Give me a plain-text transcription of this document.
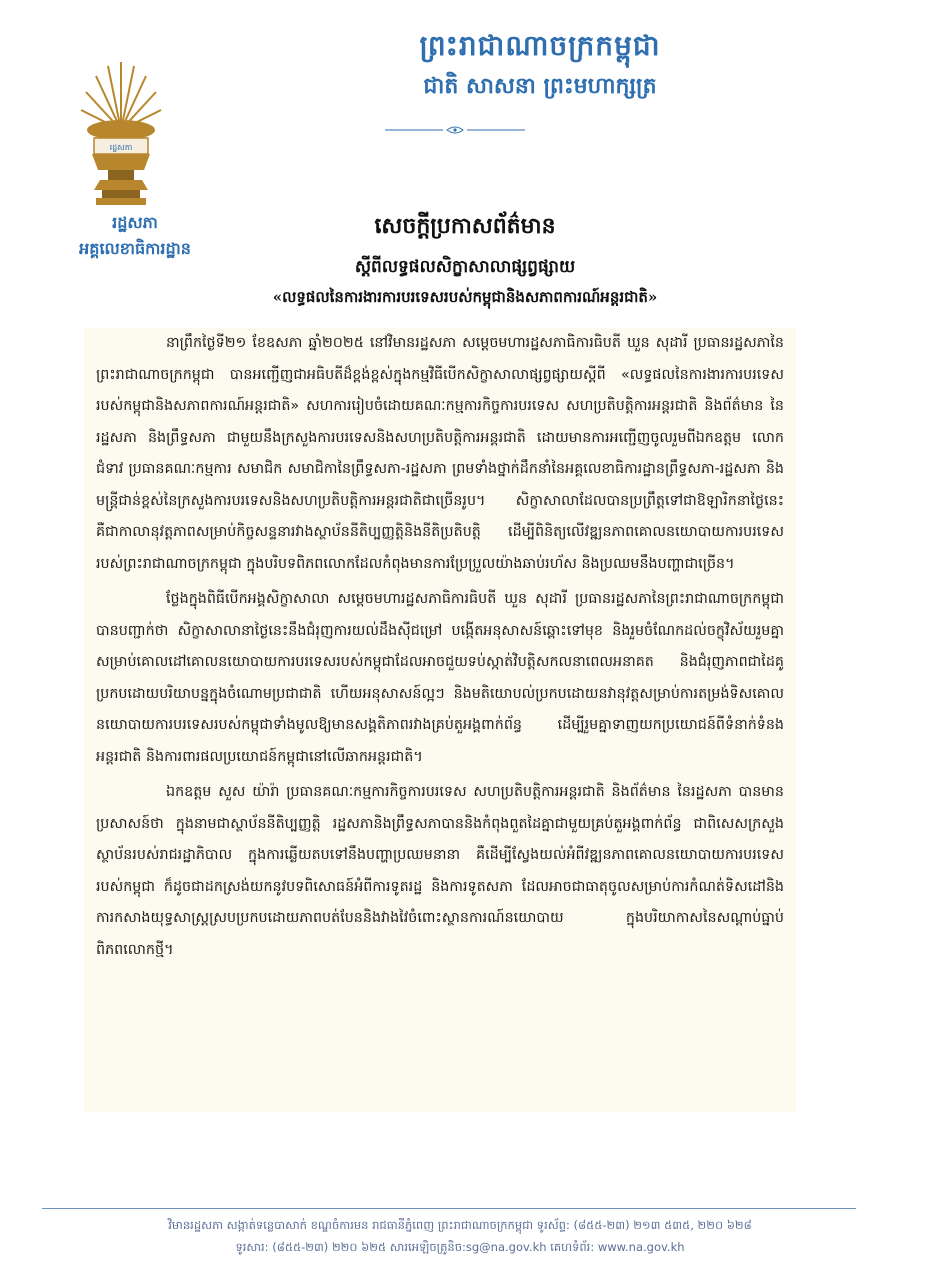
ព្រះរាជាណាចក្រកម្ពុជា
ជាតិ សាសនា ព្រះមហាក្សត្រ
រដ្ឋសភា
រដ្ឋសភា
អគ្គលេខាធិការដ្ឋាន
សេចក្ដីប្រកាសព័ត៌មាន
ស្ដីពីលទ្ធផលសិក្ខាសាលាផ្សព្វផ្សាយ
«លទ្ធផលនៃការងារការបរទេសរបស់កម្ពុជានិងសភាពការណ៍អន្តរជាតិ»

នាព្រឹកថ្ងៃទី២១ ខែឧសភា ឆ្នាំ២០២៥ នៅវិមានរដ្ឋសភា សម្ដេចមហារដ្ឋសភាធិការធិបតី ឃួន សុដារី ប្រធានរដ្ឋសភានៃព្រះរាជាណាចក្រកម្ពុជា បានអញ្ជើញជាអធិបតីដ៏ខ្ពង់ខ្ពស់ក្នុងកម្មវិធីបើកសិក្ខាសាលាផ្សព្វផ្សាយស្ដីពី «លទ្ធផលនៃការងារការបរទេសរបស់កម្ពុជានិងសភាពការណ៍អន្តរជាតិ» សហការរៀបចំដោយគណៈកម្មការកិច្ចការបរទេស សហប្រតិបត្តិការអន្តរជាតិ និងព័ត៌មាន នៃរដ្ឋសភា និងព្រឹទ្ធសភា ជាមួយនឹងក្រសួងការបរទេសនិងសហប្រតិបត្តិការអន្តរជាតិ ដោយមានការអញ្ជើញចូលរួមពីឯកឧត្ដម លោកជំទាវ ប្រធានគណៈកម្មការ សមាជិក សមាជិកានៃព្រឹទ្ធសភា-រដ្ឋសភា ព្រមទាំងថ្នាក់ដឹកនាំនៃអគ្គលេខាធិការដ្ឋានព្រឹទ្ធសភា-រដ្ឋសភា និងមន្ត្រីជាន់ខ្ពស់នៃក្រសួងការបរទេសនិងសហប្រតិបត្តិការអន្តរជាតិជាច្រើនរូប។ សិក្ខាសាលាដែលបានប្រព្រឹត្តទៅជាឱឡារិកនាថ្ងៃនេះ គឺជាកាលានុវត្តភាពសម្រាប់កិច្ចសន្ទនារវាងស្ថាប័ននីតិប្បញ្ញត្តិនិងនីតិប្រតិបត្តិ ដើម្បីពិនិត្យលើវឌ្ឍនភាពគោលនយោបាយការបរទេសរបស់ព្រះរាជាណាចក្រកម្ពុជា ក្នុងបរិបទពិភពលោកដែលកំពុងមានការប្រែប្រួលយ៉ាងឆាប់រហ័ស និងប្រឈមនឹងបញ្ហាជាច្រើន។

ថ្លែងក្នុងពិធីបើកអង្គសិក្ខាសាលា សម្ដេចមហារដ្ឋសភាធិការធិបតី ឃួន សុដារី ប្រធានរដ្ឋសភានៃព្រះរាជាណាចក្រកម្ពុជា បានបញ្ជាក់ថា សិក្ខាសាលានាថ្ងៃនេះនឹងជំរុញការយល់ដឹងស៊ីជម្រៅ បង្កើតអនុសាសន៍ឆ្ពោះទៅមុខ និងរួមចំណែកដល់ចក្ខុវិស័យរួមគ្នា សម្រាប់គោលដៅគោលនយោបាយការបរទេសរបស់កម្ពុជាដែលអាចជួយទប់ស្កាត់វិបត្តិសកលនាពេលអនាគត និងជំរុញភាពជាដៃគូប្រកបដោយបរិយាបន្នក្នុងចំណោមប្រជាជាតិ ហើយអនុសាសន៍ល្អៗ និងមតិយោបល់ប្រកបដោយនវានុវត្តសម្រាប់ការតម្រង់ទិសគោលនយោបាយការបរទេសរបស់កម្ពុជាទាំងមូលឱ្យមានសង្គតិភាពរវាងគ្រប់តួអង្គពាក់ព័ន្ធ ដើម្បីរួមគ្នាទាញយកប្រយោជន៍ពីទំនាក់ទំនងអន្តរជាតិ និងការពារផលប្រយោជន៍កម្ពុជានៅលើឆាកអន្តរជាតិ។

ឯកឧត្តម សួស យ៉ារ៉ា ប្រធានគណៈកម្មការកិច្ចការបរទេស សហប្រតិបត្តិការអន្តរជាតិ និងព័ត៌មាន នៃរដ្ឋសភា បានមានប្រសាសន៍ថា ក្នុងនាមជាស្ថាប័ននីតិប្បញ្ញត្តិ រដ្ឋសភានិងព្រឹទ្ធសភាបាននិងកំពុងពួតដៃគ្នាជាមួយគ្រប់តួអង្គពាក់ព័ន្ធ ជាពិសេសក្រសួងស្ថាប័នរបស់រាជរដ្ឋាភិបាល ក្នុងការឆ្លើយតបទៅនឹងបញ្ហាប្រឈមនានា គឺដើម្បីស្វែងយល់អំពីវឌ្ឍនភាពគោលនយោបាយការបរទេសរបស់កម្ពុជា ក៏ដូចជាដកស្រង់យកនូវបទពិសោធន៍អំពីការទូតរដ្ឋ និងការទូតសភា ដែលអាចជាធាតុចូលសម្រាប់ការកំណត់ទិសដៅនិងការកសាងយុទ្ធសាស្ត្រស្របប្រកបដោយភាពបត់បែននិងវាងវៃចំពោះស្ថានការណ៍នយោបាយ ក្នុងបរិយាកាសនៃសណ្ដាប់ធ្នាប់ពិភពលោកថ្មី។

វិមានរដ្ឋសភា សង្កាត់ទន្លេបាសាក់ ខណ្ឌចំការមន រាជធានីភ្នំពេញ ព្រះរាជាណាចក្រកម្ពុជា ទូរស័ព្ទ: (៨៥៥-២៣) ២១៣ ៥៣៥, ២២០ ៦២៨
ទូរសារ: (៨៥៥-២៣) ២២០ ៦២៥ សារអេឡិចត្រូនិច:sg@na.gov.kh គេហទំព័រ: www.na.gov.kh
